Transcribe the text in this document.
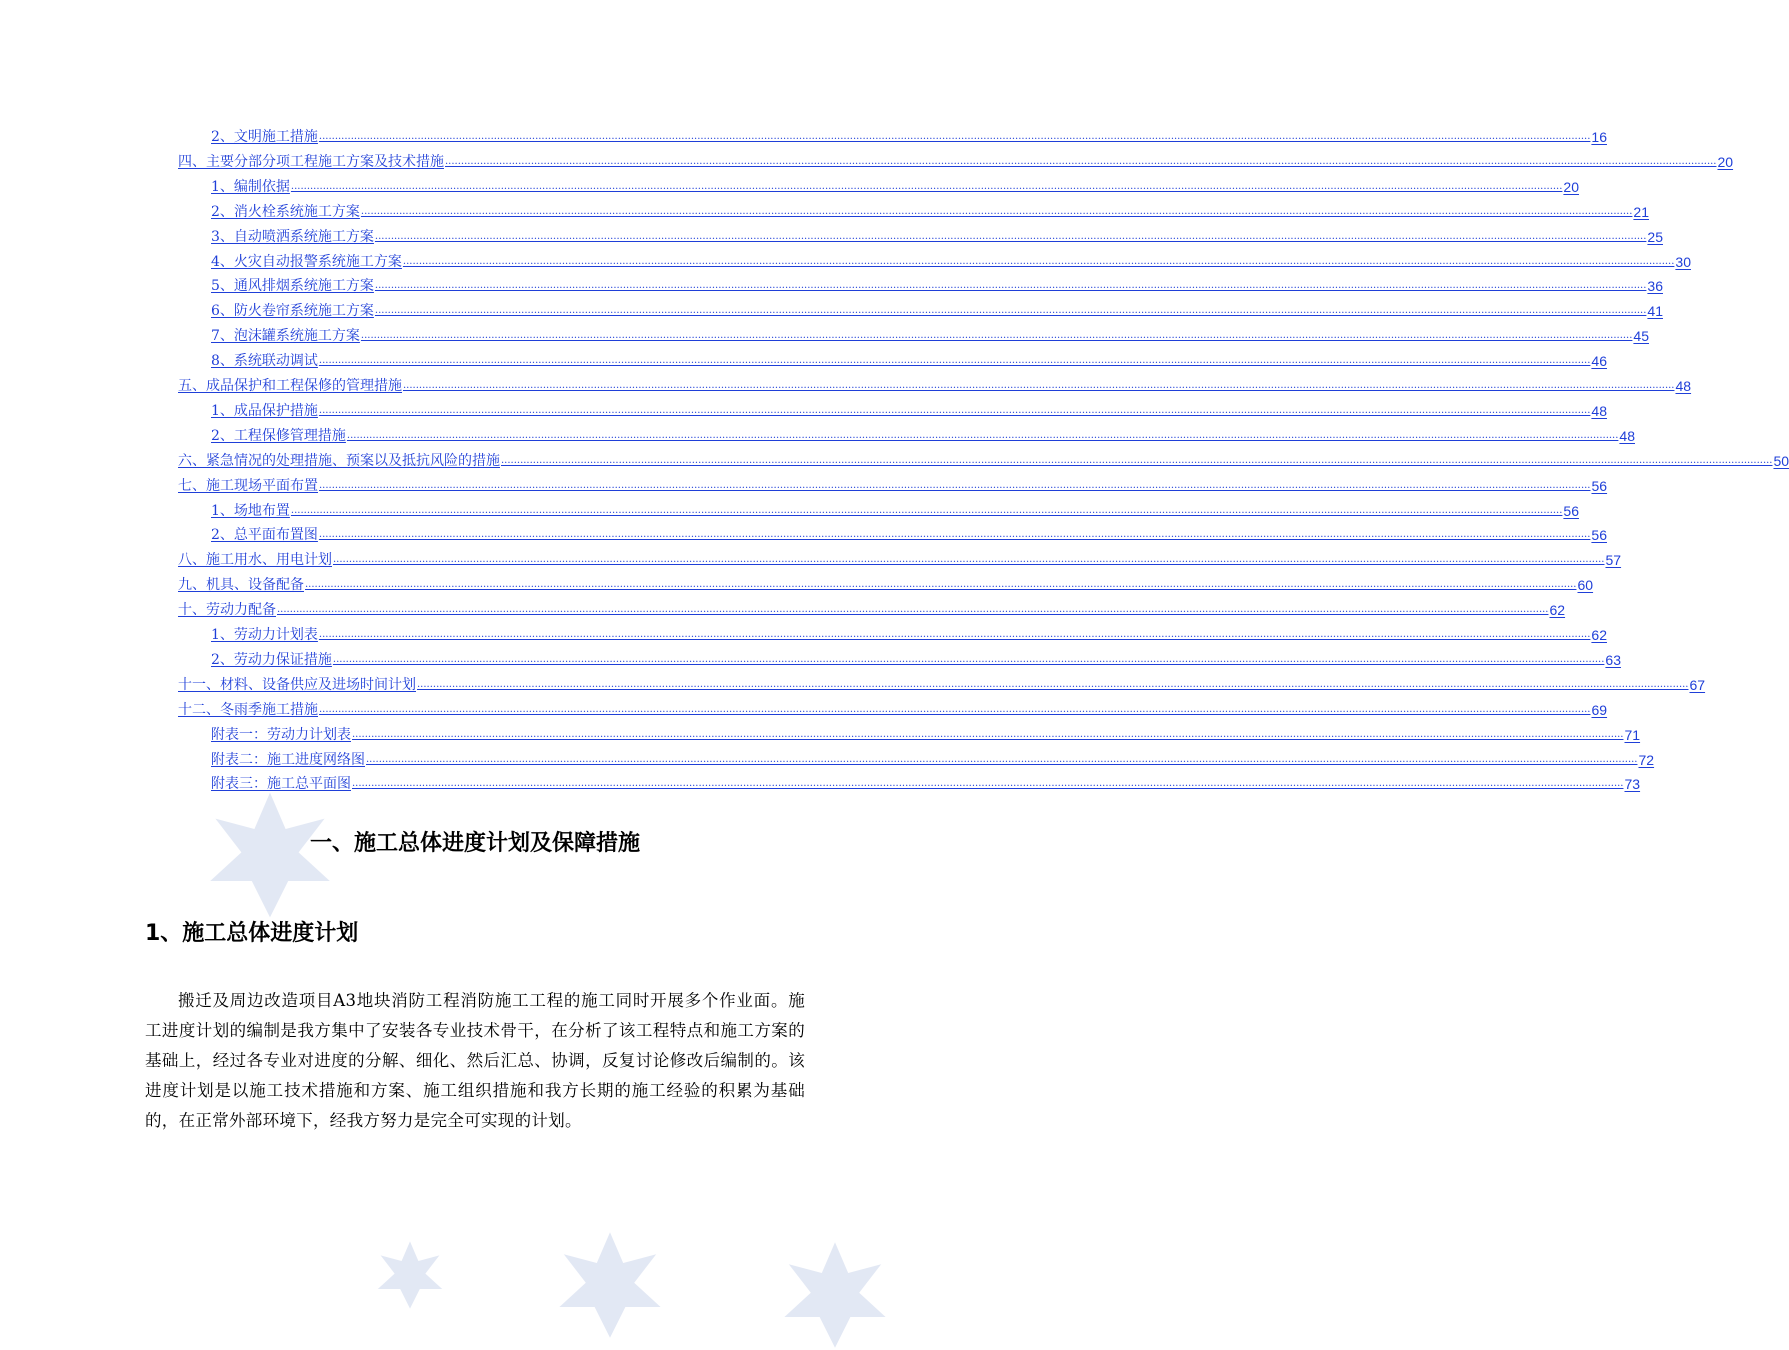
2、文明施工措施 ................................................................................................................................................................................................................................................................................................................................................................................................................ 16
四、主要分部分项工程施工方案及技术措施 ................................................................................................................................................................................................................................................................................................................................................................................................................ 20
1、编制依据 ................................................................................................................................................................................................................................................................................................................................................................................................................ 20
2、消火栓系统施工方案 ................................................................................................................................................................................................................................................................................................................................................................................................................ 21
3、自动喷洒系统施工方案 ................................................................................................................................................................................................................................................................................................................................................................................................................ 25
4、火灾自动报警系统施工方案 ................................................................................................................................................................................................................................................................................................................................................................................................................ 30
5、通风排烟系统施工方案 ................................................................................................................................................................................................................................................................................................................................................................................................................ 36
6、防火卷帘系统施工方案 ................................................................................................................................................................................................................................................................................................................................................................................................................ 41
7、泡沫罐系统施工方案 ................................................................................................................................................................................................................................................................................................................................................................................................................ 45
8、系统联动调试 ................................................................................................................................................................................................................................................................................................................................................................................................................ 46
五、成品保护和工程保修的管理措施 ................................................................................................................................................................................................................................................................................................................................................................................................................ 48
1、成品保护措施 ................................................................................................................................................................................................................................................................................................................................................................................................................ 48
2、工程保修管理措施 ................................................................................................................................................................................................................................................................................................................................................................................................................ 48
六、紧急情况的处理措施、预案以及抵抗风险的措施 ................................................................................................................................................................................................................................................................................................................................................................................................................ 50
七、施工现场平面布置 ................................................................................................................................................................................................................................................................................................................................................................................................................ 56
1、场地布置 ................................................................................................................................................................................................................................................................................................................................................................................................................ 56
2、总平面布置图 ................................................................................................................................................................................................................................................................................................................................................................................................................ 56
八、施工用水、用电计划 ................................................................................................................................................................................................................................................................................................................................................................................................................ 57
九、机具、设备配备 ................................................................................................................................................................................................................................................................................................................................................................................................................ 60
十、劳动力配备 ................................................................................................................................................................................................................................................................................................................................................................................................................ 62
1、劳动力计划表 ................................................................................................................................................................................................................................................................................................................................................................................................................ 62
2、劳动力保证措施 ................................................................................................................................................................................................................................................................................................................................................................................................................ 63
十一、材料、设备供应及进场时间计划 ................................................................................................................................................................................................................................................................................................................................................................................................................ 67
十二、冬雨季施工措施 ................................................................................................................................................................................................................................................................................................................................................................................................................ 69
附表一：劳动力计划表 ................................................................................................................................................................................................................................................................................................................................................................................................................ 71
附表二：施工进度网络图 ................................................................................................................................................................................................................................................................................................................................................................................................................ 72
附表三：施工总平面图 ................................................................................................................................................................................................................................................................................................................................................................................................................ 73
一、施工总体进度计划及保障措施
1、施工总体进度计划

搬迁及周边改造项目A3地块消防工程消防施工工程的施工同时开展多个作业面。施工进度计划的编制是我方集中了安装各专业技术骨干，在分析了该工程特点和施工方案的基础上，经过各专业对进度的分解、细化、然后汇总、协调，反复讨论修改后编制的。该进度计划是以施工技术措施和方案、施工组织措施和我方长期的施工经验的积累为基础的，在正常外部环境下，经我方努力是完全可实现的计划。
